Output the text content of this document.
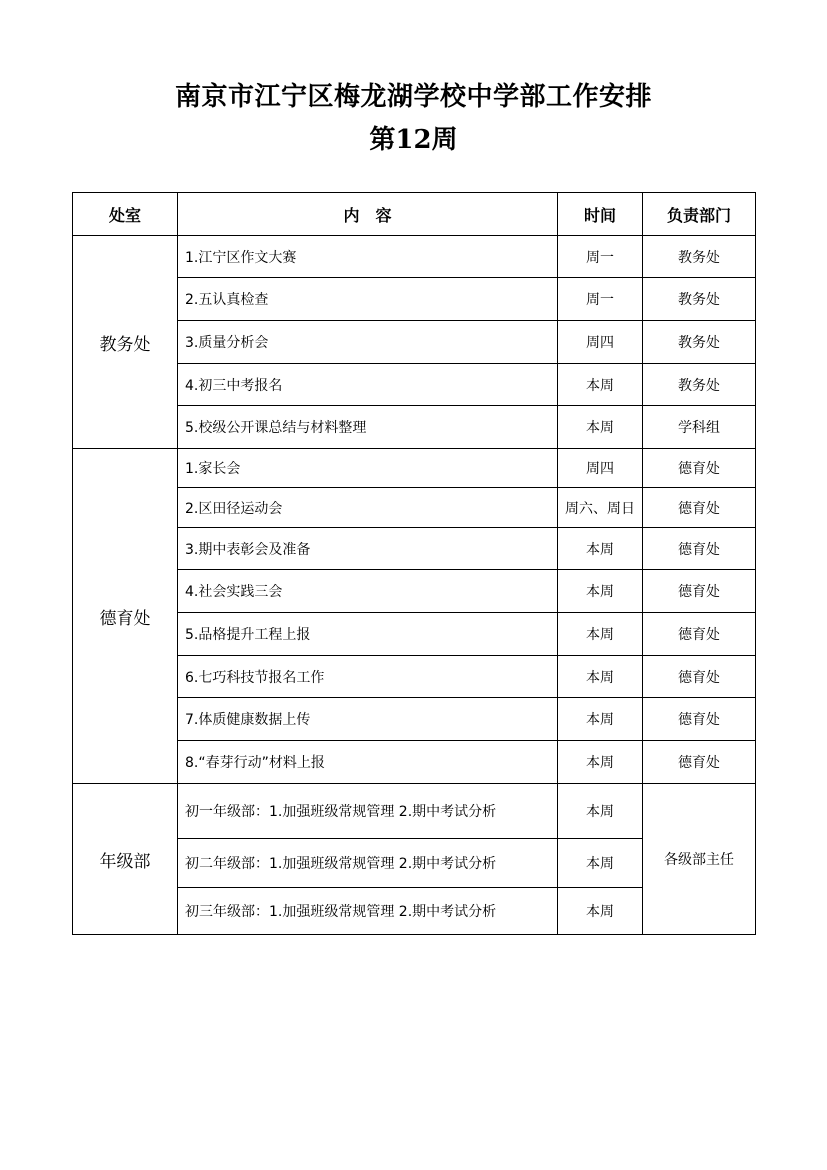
南京市江宁区梅龙湖学校中学部工作安排
第12周
处室	内　容	时间	负责部门
教务处	1.江宁区作文大赛	周一	教务处
	2.五认真检查	周一	教务处
	3.质量分析会	周四	教务处
	4.初三中考报名	本周	教务处
	5.校级公开课总结与材料整理	本周	学科组
德育处	1.家长会	周四	德育处
	2.区田径运动会	周六、周日	德育处
	3.期中表彰会及准备	本周	德育处
	4.社会实践三会	本周	德育处
	5.品格提升工程上报	本周	德育处
	6.七巧科技节报名工作	本周	德育处
	7.体质健康数据上传	本周	德育处
	8.“春芽行动”材料上报	本周	德育处
年级部	初一年级部：1.加强班级常规管理 2.期中考试分析	本周	各级部主任
	初二年级部：1.加强班级常规管理 2.期中考试分析	本周	
	初三年级部：1.加强班级常规管理 2.期中考试分析	本周	
